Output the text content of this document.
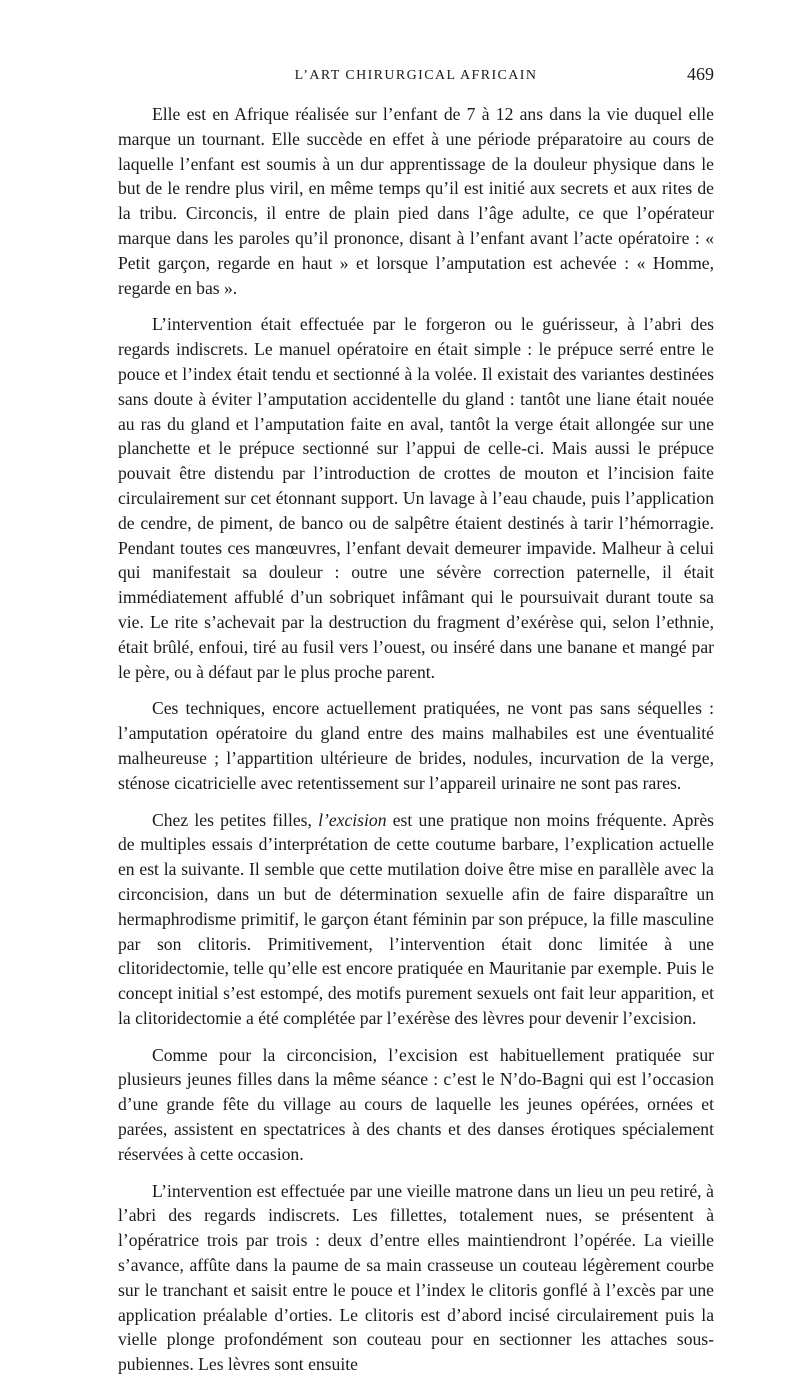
L’ART CHIRURGICAL AFRICAIN	469

Elle est en Afrique réalisée sur l’enfant de 7 à 12 ans dans la vie duquel elle marque un tournant. Elle succède en effet à une période préparatoire au cours de laquelle l’enfant est soumis à un dur apprentissage de la douleur physique dans le but de le rendre plus viril, en même temps qu’il est initié aux secrets et aux rites de la tribu. Circoncis, il entre de plain pied dans l’âge adulte, ce que l’opérateur marque dans les paroles qu’il prononce, disant à l’enfant avant l’acte opératoire : « Petit garçon, regarde en haut » et lorsque l’amputation est achevée : « Homme, regarde en bas ».

L’intervention était effectuée par le forgeron ou le guérisseur, à l’abri des regards indiscrets. Le manuel opératoire en était simple : le prépuce serré entre le pouce et l’index était tendu et sectionné à la volée. Il existait des variantes destinées sans doute à éviter l’amputation accidentelle du gland : tantôt une liane était nouée au ras du gland et l’amputation faite en aval, tantôt la verge était allongée sur une planchette et le prépuce sectionné sur l’appui de celle-ci. Mais aussi le prépuce pouvait être distendu par l’introduction de crottes de mouton et l’incision faite circulairement sur cet étonnant support. Un lavage à l’eau chaude, puis l’application de cendre, de piment, de banco ou de salpêtre étaient destinés à tarir l’hémorragie. Pendant toutes ces manœuvres, l’enfant devait demeurer impavide. Malheur à celui qui manifestait sa douleur : outre une sévère correction paternelle, il était immédiatement affublé d’un sobriquet infâmant qui le poursuivait durant toute sa vie. Le rite s’achevait par la destruction du fragment d’exérèse qui, selon l’ethnie, était brûlé, enfoui, tiré au fusil vers l’ouest, ou inséré dans une banane et mangé par le père, ou à défaut par le plus proche parent.

Ces techniques, encore actuellement pratiquées, ne vont pas sans séquelles : l’amputation opératoire du gland entre des mains malhabiles est une éventualité malheureuse ; l’appartition ultérieure de brides, nodules, incurvation de la verge, sténose cicatricielle avec retentissement sur l’appareil urinaire ne sont pas rares.

Chez les petites filles, l’excision est une pratique non moins fréquente. Après de multiples essais d’interprétation de cette coutume barbare, l’explication actuelle en est la suivante. Il semble que cette mutilation doive être mise en parallèle avec la circoncision, dans un but de détermination sexuelle afin de faire disparaître un hermaphrodisme primitif, le garçon étant féminin par son prépuce, la fille masculine par son clitoris. Primitivement, l’intervention était donc limitée à une clitoridectomie, telle qu’elle est encore pratiquée en Mauritanie par exemple. Puis le concept initial s’est estompé, des motifs purement sexuels ont fait leur apparition, et la clitoridectomie a été complétée par l’exérèse des lèvres pour devenir l’excision.

Comme pour la circoncision, l’excision est habituellement pratiquée sur plusieurs jeunes filles dans la même séance : c’est le N’do-Bagni qui est l’occasion d’une grande fête du village au cours de laquelle les jeunes opérées, ornées et parées, assistent en spectatrices à des chants et des danses érotiques spécialement réservées à cette occasion.

L’intervention est effectuée par une vieille matrone dans un lieu un peu retiré, à l’abri des regards indiscrets. Les fillettes, totalement nues, se présentent à l’opératrice trois par trois : deux d’entre elles maintiendront l’opérée. La vieille s’avance, affûte dans la paume de sa main crasseuse un couteau légèrement courbe sur le tranchant et saisit entre le pouce et l’index le clitoris gonflé à l’excès par une application préalable d’orties. Le clitoris est d’abord incisé circulairement puis la vielle plonge profondément son couteau pour en sectionner les attaches sous-pubiennes. Les lèvres sont ensuite
